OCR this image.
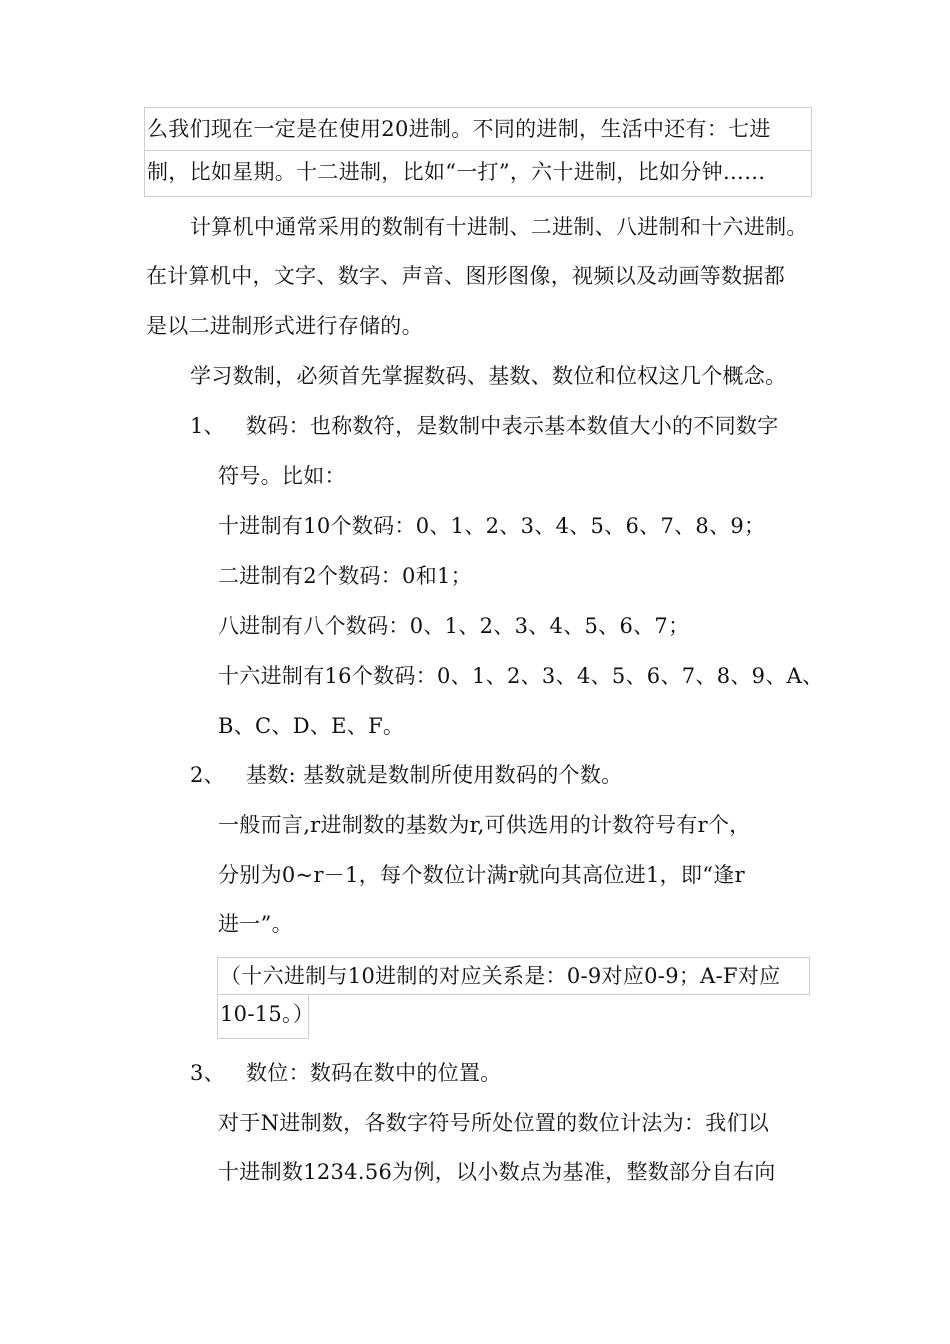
么我们现在一定是在使用20进制。不同的进制，生活中还有：七进
制，比如星期。十二进制，比如“一打”，六十进制，比如分钟……
计算机中通常采用的数制有十进制、二进制、八进制和十六进制。
在计算机中，文字、数字、声音、图形图像，视频以及动画等数据都
是以二进制形式进行存储的。
学习数制，必须首先掌握数码、基数、数位和位权这几个概念。
1、 数码：也称数符，是数制中表示基本数值大小的不同数字
符号。比如：
十进制有10个数码：0、1、2、3、4、5、6、7、8、9；
二进制有2个数码：0和1；
八进制有八个数码：0、1、2、3、4、5、6、7；
十六进制有16个数码：0、1、2、3、4、5、6、7、8、9、A、
B、C、D、E、F。
2、 基数: 基数就是数制所使用数码的个数。
一般而言,r进制数的基数为r,可供选用的计数符号有r个，
分别为0~r－1，每个数位计满r就向其高位进1，即“逢r
进一”。
（十六进制与10进制的对应关系是：0-9对应0-9；A-F对应
10-15。）
3、 数位：数码在数中的位置。
对于N进制数，各数字符号所处位置的数位计法为：我们以
十进制数1234.56为例，以小数点为基准，整数部分自右向
